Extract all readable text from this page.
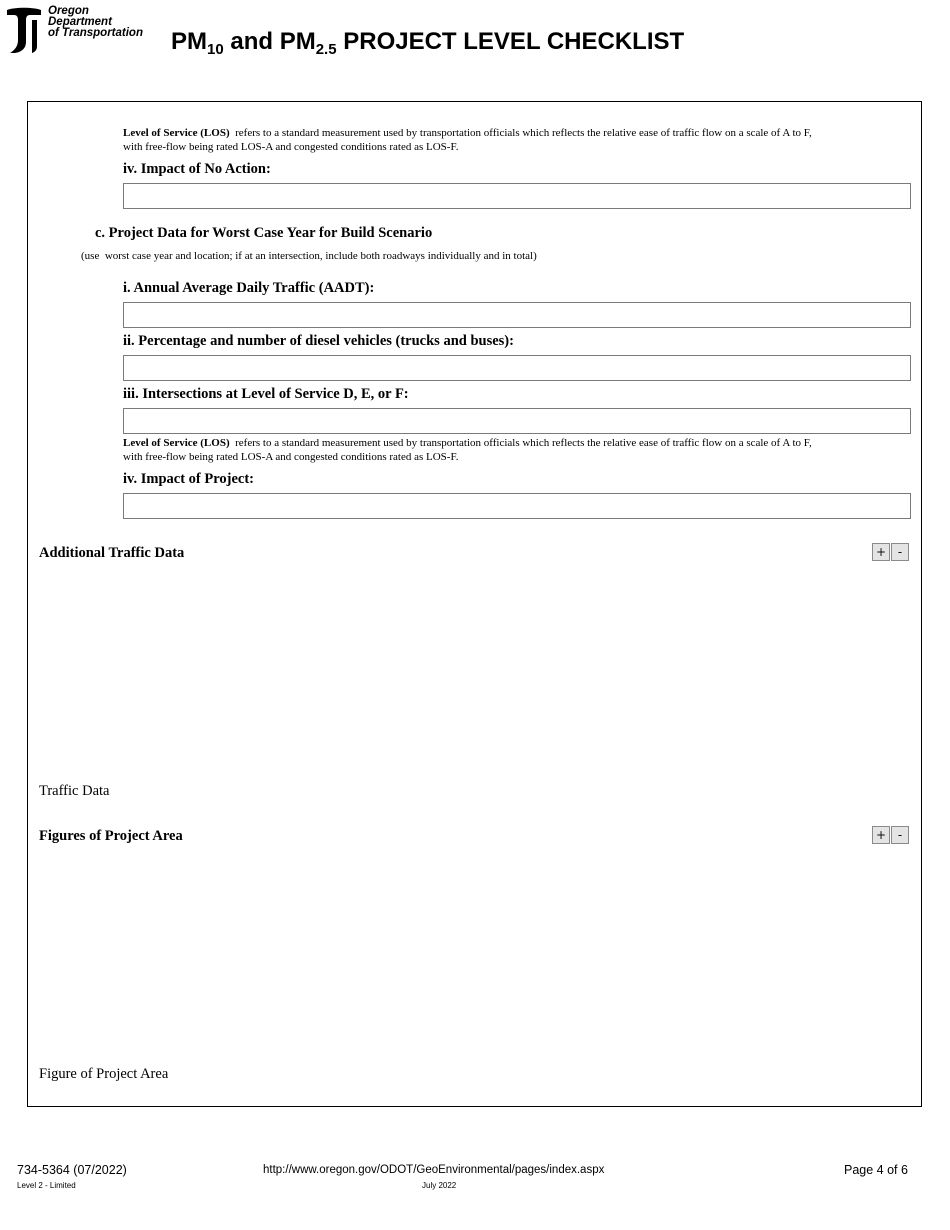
Oregon
Department
of Transportation $PM_{10}$ and $PM_{2.5}$ PROJECT LEVEL CHECKLIST
Level of Service (LOS)  refers to a standard measurement used by transportation officials which reflects the relative ease of traffic flow on a scale of A to F,
with free-flow being rated LOS-A and congested conditions rated as LOS-F.
iv. Impact of No Action:
c. Project Data for Worst Case Year for Build Scenario
(use  worst case year and location; if at an intersection, include both roadways individually and in total)
i. Annual Average Daily Traffic (AADT):
ii. Percentage and number of diesel vehicles (trucks and buses):
iii. Intersections at Level of Service D, E, or F:
Level of Service (LOS)  refers to a standard measurement used by transportation officials which reflects the relative ease of traffic flow on a scale of A to F,
with free-flow being rated LOS-A and congested conditions rated as LOS-F.
iv. Impact of Project:
Additional Traffic Data	+ -
Traffic Data
Figures of Project Area	+ -
Figure of Project Area
734-5364 (07/2022)
Level 2 - Limited
http://www.oregon.gov/ODOT/GeoEnvironmental/pages/index.aspx
July 2022
Page 4 of 6
